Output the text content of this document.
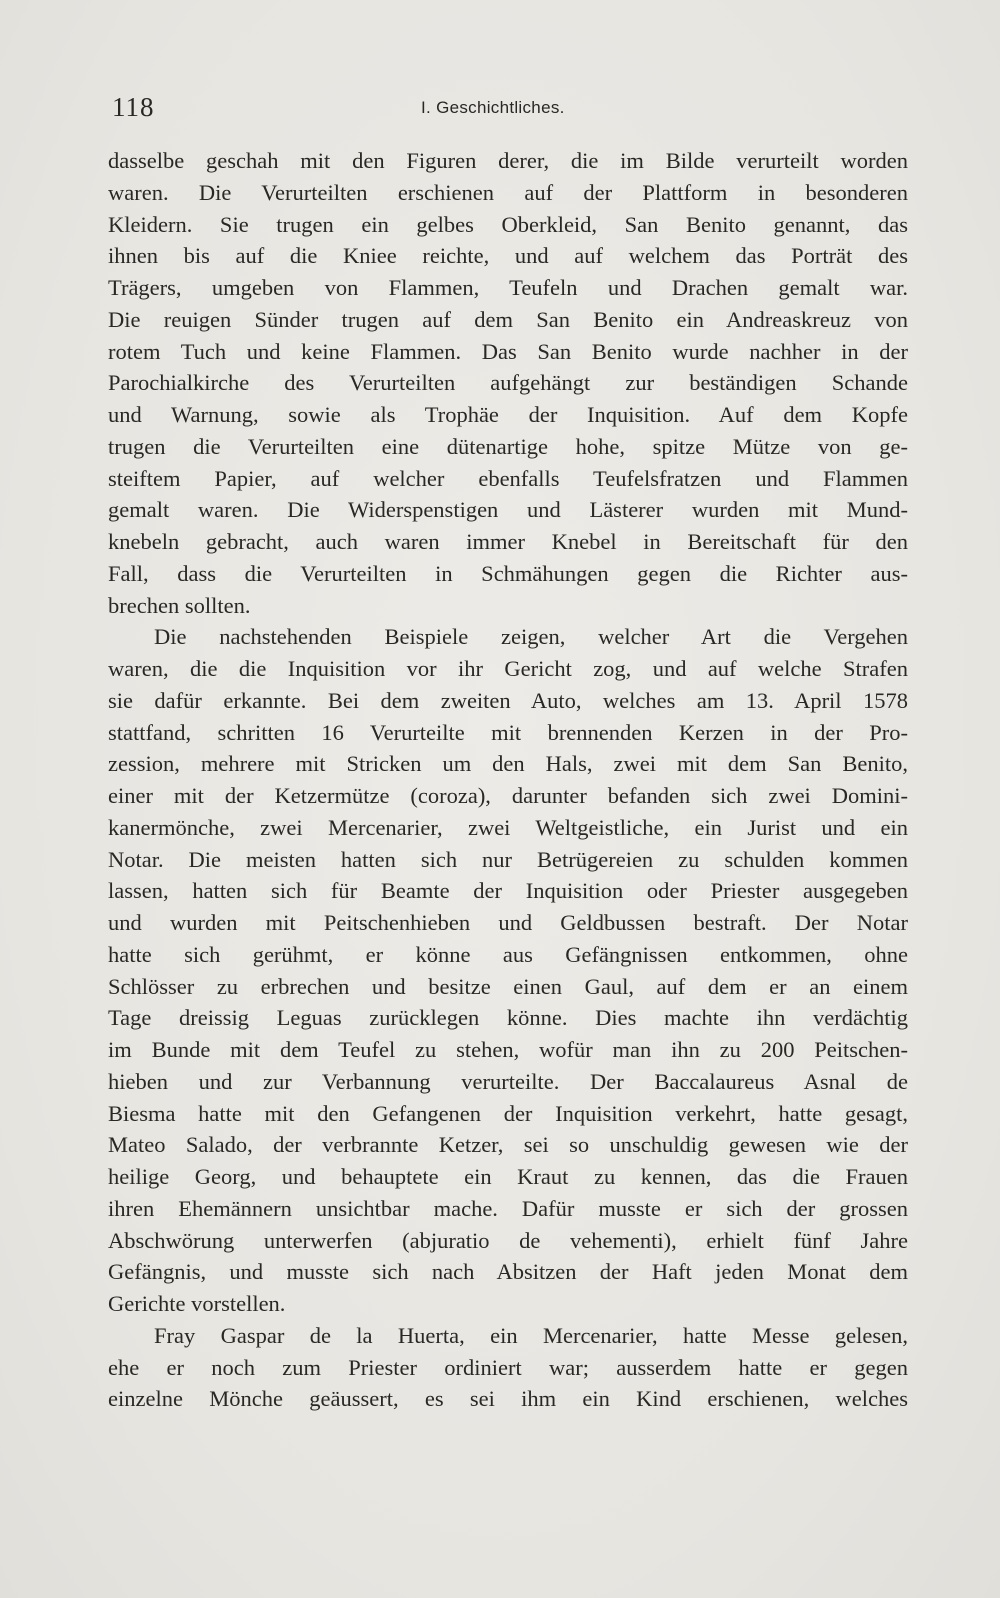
118	I. Geschichtliches.
dasselbe geschah mit den Figuren derer, die im Bilde verurteilt worden
waren. Die Verurteilten erschienen auf der Plattform in besonderen
Kleidern. Sie trugen ein gelbes Oberkleid, San Benito genannt, das
ihnen bis auf die Kniee reichte, und auf welchem das Porträt des
Trägers, umgeben von Flammen, Teufeln und Drachen gemalt war.
Die reuigen Sünder trugen auf dem San Benito ein Andreaskreuz von
rotem Tuch und keine Flammen. Das San Benito wurde nachher in der
Parochialkirche des Verurteilten aufgehängt zur beständigen Schande
und Warnung, sowie als Trophäe der Inquisition. Auf dem Kopfe
trugen die Verurteilten eine dütenartige hohe, spitze Mütze von ge-
steiftem Papier, auf welcher ebenfalls Teufelsfratzen und Flammen
gemalt waren. Die Widerspenstigen und Lästerer wurden mit Mund-
knebeln gebracht, auch waren immer Knebel in Bereitschaft für den
Fall, dass die Verurteilten in Schmähungen gegen die Richter aus-
brechen sollten.
Die nachstehenden Beispiele zeigen, welcher Art die Vergehen
waren, die die Inquisition vor ihr Gericht zog, und auf welche Strafen
sie dafür erkannte. Bei dem zweiten Auto, welches am 13. April 1578
stattfand, schritten 16 Verurteilte mit brennenden Kerzen in der Pro-
zession, mehrere mit Stricken um den Hals, zwei mit dem San Benito,
einer mit der Ketzermütze (coroza), darunter befanden sich zwei Domini-
kanermönche, zwei Mercenarier, zwei Weltgeistliche, ein Jurist und ein
Notar. Die meisten hatten sich nur Betrügereien zu schulden kommen
lassen, hatten sich für Beamte der Inquisition oder Priester ausgegeben
und wurden mit Peitschenhieben und Geldbussen bestraft. Der Notar
hatte sich gerühmt, er könne aus Gefängnissen entkommen, ohne
Schlösser zu erbrechen und besitze einen Gaul, auf dem er an einem
Tage dreissig Leguas zurücklegen könne. Dies machte ihn verdächtig
im Bunde mit dem Teufel zu stehen, wofür man ihn zu 200 Peitschen-
hieben und zur Verbannung verurteilte. Der Baccalaureus Asnal de
Biesma hatte mit den Gefangenen der Inquisition verkehrt, hatte gesagt,
Mateo Salado, der verbrannte Ketzer, sei so unschuldig gewesen wie der
heilige Georg, und behauptete ein Kraut zu kennen, das die Frauen
ihren Ehemännern unsichtbar mache. Dafür musste er sich der grossen
Abschwörung unterwerfen (abjuratio de vehementi), erhielt fünf Jahre
Gefängnis, und musste sich nach Absitzen der Haft jeden Monat dem
Gerichte vorstellen.
Fray Gaspar de la Huerta, ein Mercenarier, hatte Messe gelesen,
ehe er noch zum Priester ordiniert war; ausserdem hatte er gegen
einzelne Mönche geäussert, es sei ihm ein Kind erschienen, welches
